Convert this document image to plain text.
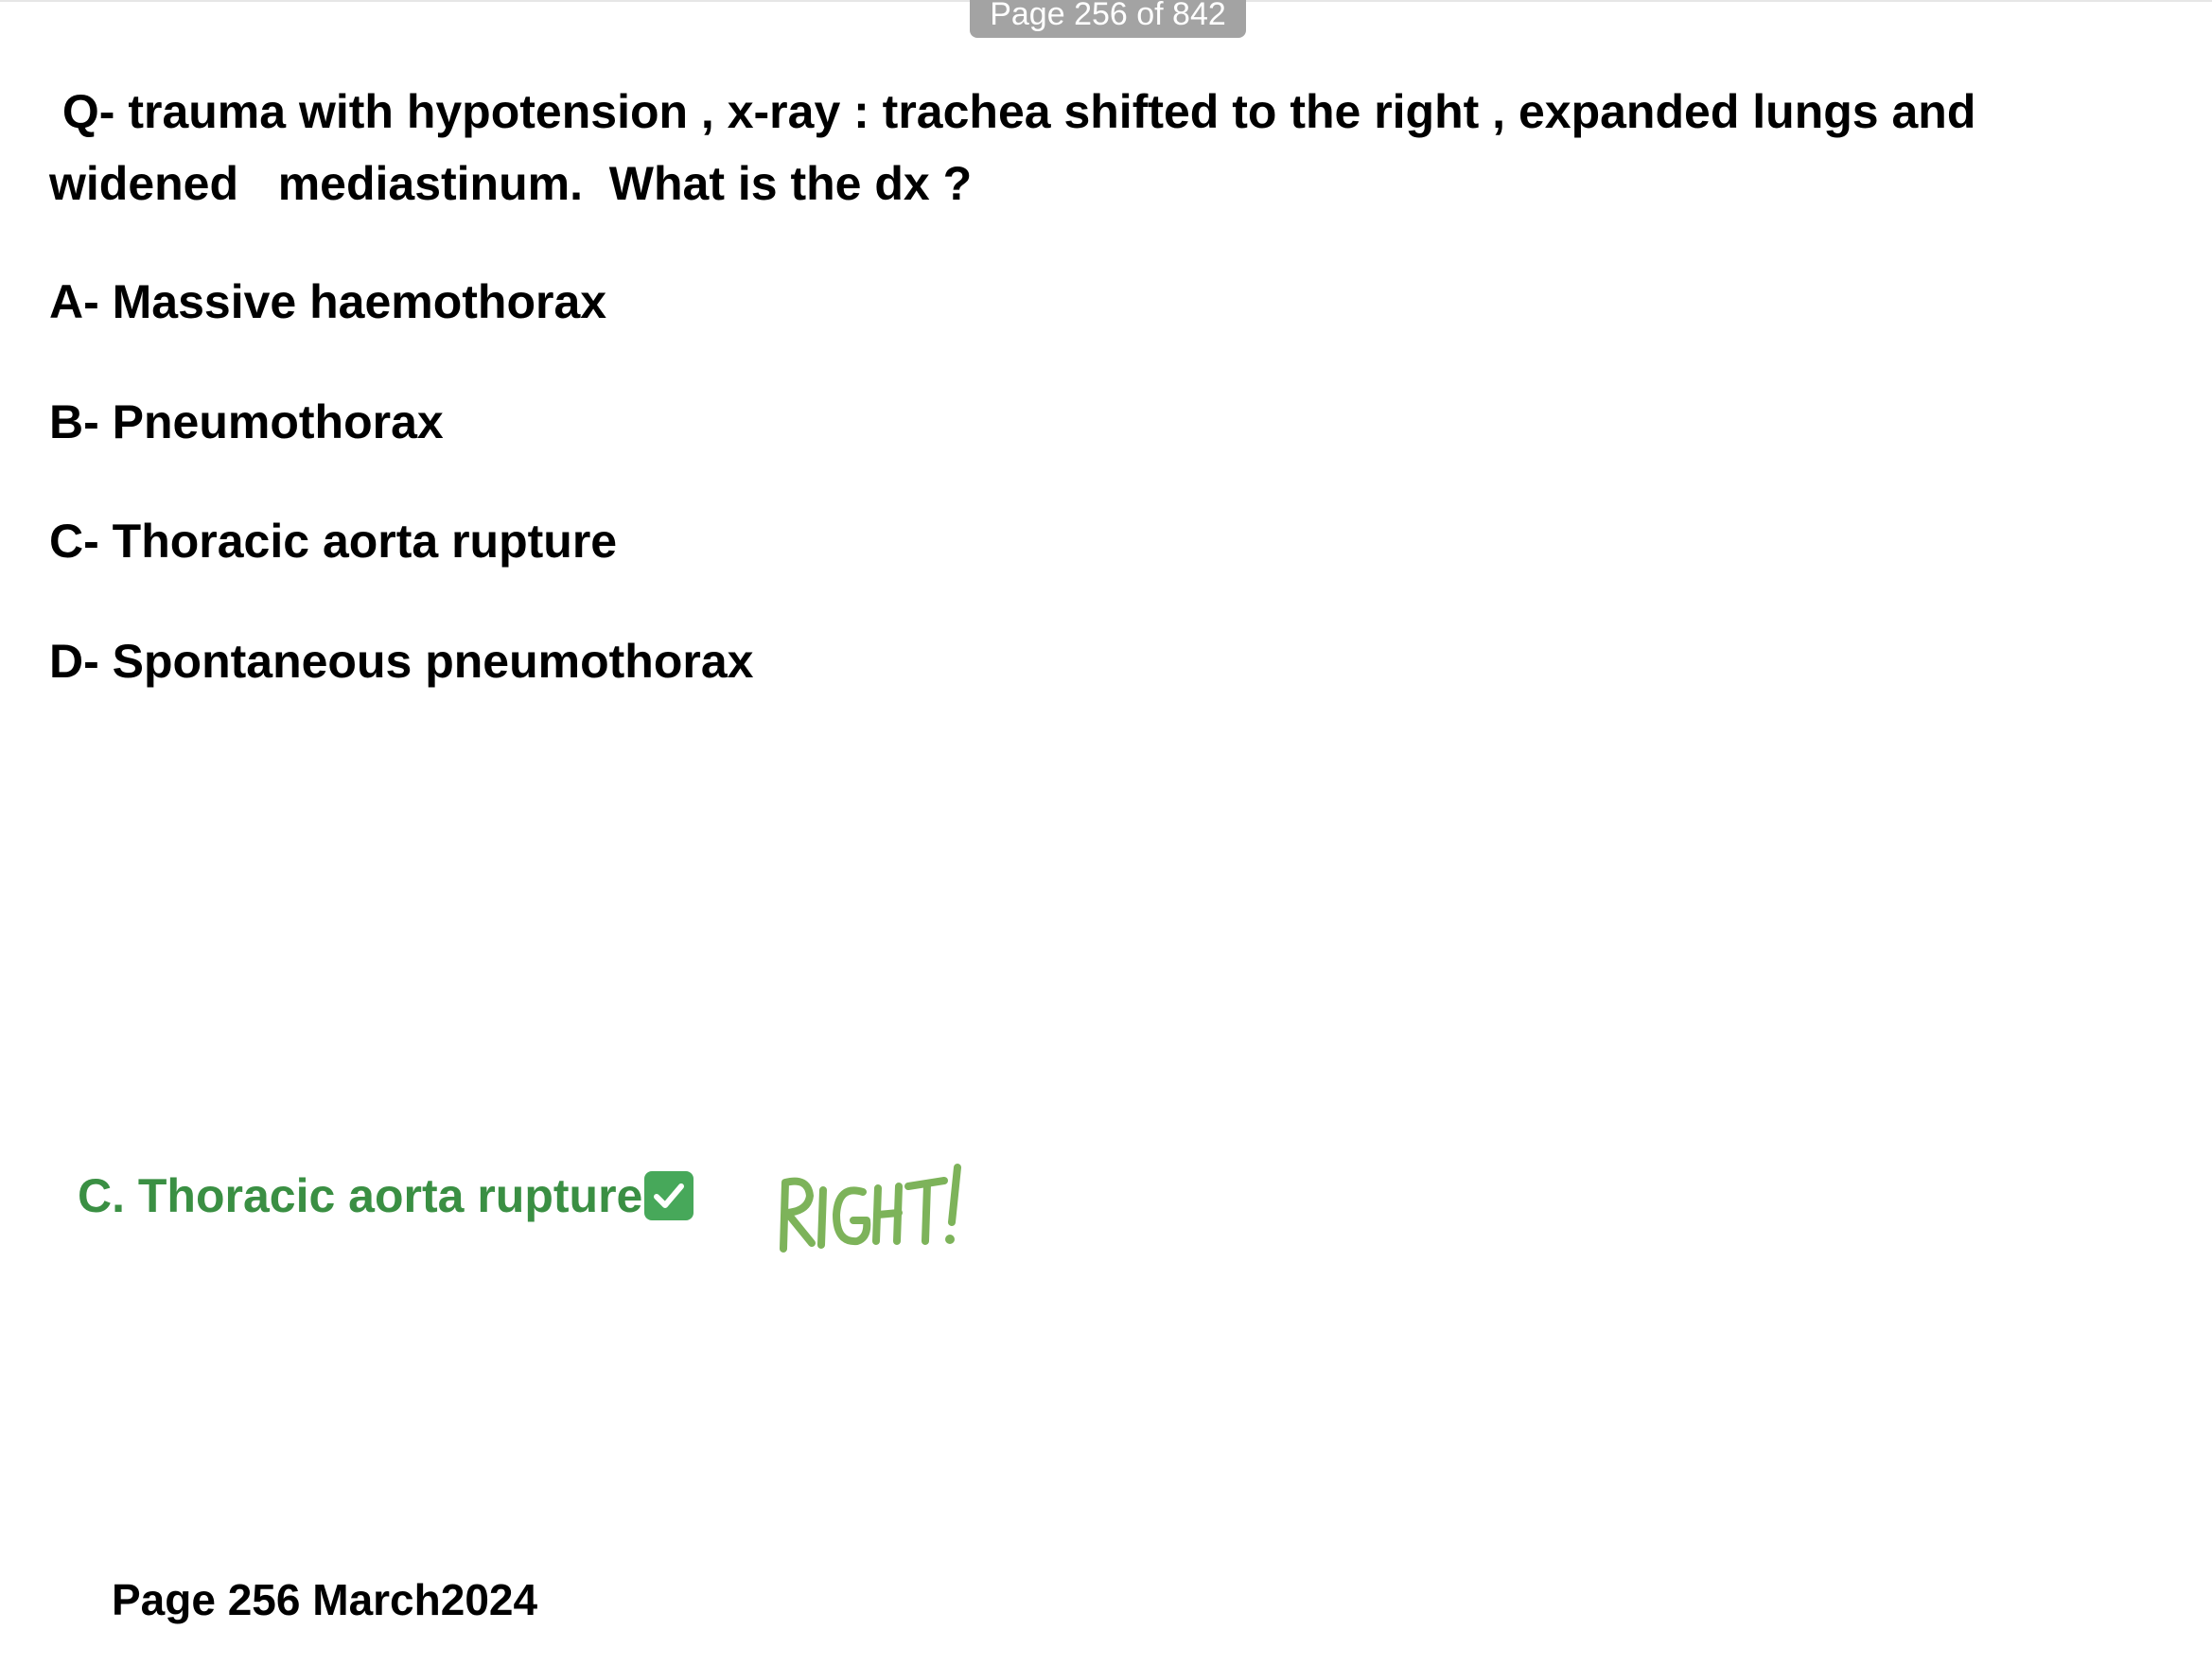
Page 256 of 842

Q- trauma with hypotension , x-ray : trachea shifted to the right , expanded lungs and widened   mediastinum.  What is the dx ?

A- Massive haemothorax

B- Pneumothorax

C- Thoracic aorta rupture

D- Spontaneous pneumothorax

C. Thoracic aorta rupture
Page 256 March2024
